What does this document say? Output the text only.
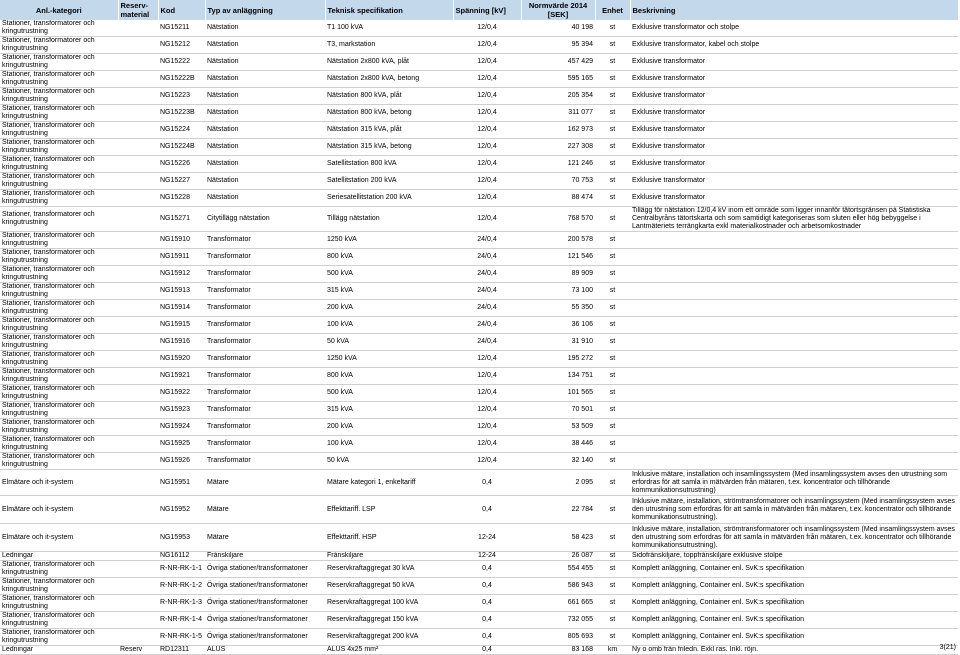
Anl.-kategori	Reserv-material	Kod	Typ av anläggning	Teknisk specifikation	Spänning [kV]	Normvärde 2014 [SEK]	Enhet	Beskrivning
Stationer, transformatorer och kringutrustning		NG15211	Nätstation	T1 100 kVA	12/0,4	40 198	st	Exklusive transformator och stolpe
Stationer, transformatorer och kringutrustning		NG15212	Nätstation	T3, markstation	12/0,4	95 394	st	Exklusive transformator, kabel och stolpe
Stationer, transformatorer och kringutrustning		NG15222	Nätstation	Nätstation 2x800 kVA, plåt	12/0,4	457 429	st	Exklusive transformator
Stationer, transformatorer och kringutrustning		NG15222B	Nätstation	Nätstation 2x800 kVA, betong	12/0,4	595 165	st	Exklusive transformator
Stationer, transformatorer och kringutrustning		NG15223	Nätstation	Nätstation 800 kVA, plåt	12/0,4	205 354	st	Exklusive transformator
Stationer, transformatorer och kringutrustning		NG15223B	Nätstation	Nätstation 800 kVA, betong	12/0,4	311 077	st	Exklusive transformator
Stationer, transformatorer och kringutrustning		NG15224	Nätstation	Nätstation 315 kVA, plåt	12/0,4	162 973	st	Exklusive transformator
Stationer, transformatorer och kringutrustning		NG15224B	Nätstation	Nätstation 315 kVA, betong	12/0,4	227 308	st	Exklusive transformator
Stationer, transformatorer och kringutrustning		NG15226	Nätstation	Satellitstation 800 kVA	12/0,4	121 246	st	Exklusive transformator
Stationer, transformatorer och kringutrustning		NG15227	Nätstation	Satellitstation 200 kVA	12/0,4	70 753	st	Exklusive transformator
Stationer, transformatorer och kringutrustning		NG15228	Nätstation	Seriesatellitstation 200 kVA	12/0,4	88 474	st	Exklusive transformator
Stationer, transformatorer och kringutrustning		NG15271	Citytillägg nätstation	Tillägg nätstation	12/0,4	768 570	st	Tillägg för nätstation 12/0,4 kV inom ett område som ligger innanför tätortsgränsen på Statistiska Centralbyråns tätortskarta och som samtidigt kategoriseras som sluten eller hög bebyggelse i Lantmäteriets terrängkarta exkl materialkostnader och arbetsomkostnader
Stationer, transformatorer och kringutrustning		NG15910	Transformator	1250 kVA	24/0,4	200 578	st	
Stationer, transformatorer och kringutrustning		NG15911	Transformator	800 kVA	24/0,4	121 546	st	
Stationer, transformatorer och kringutrustning		NG15912	Transformator	500 kVA	24/0,4	89 909	st	
Stationer, transformatorer och kringutrustning		NG15913	Transformator	315 kVA	24/0,4	73 100	st	
Stationer, transformatorer och kringutrustning		NG15914	Transformator	200 kVA	24/0,4	55 350	st	
Stationer, transformatorer och kringutrustning		NG15915	Transformator	100 kVA	24/0,4	36 106	st	
Stationer, transformatorer och kringutrustning		NG15916	Transformator	50 kVA	24/0,4	31 910	st	
Stationer, transformatorer och kringutrustning		NG15920	Transformator	1250 kVA	12/0,4	195 272	st	
Stationer, transformatorer och kringutrustning		NG15921	Transformator	800 kVA	12/0,4	134 751	st	
Stationer, transformatorer och kringutrustning		NG15922	Transformator	500 kVA	12/0,4	101 565	st	
Stationer, transformatorer och kringutrustning		NG15923	Transformator	315 kVA	12/0,4	70 501	st	
Stationer, transformatorer och kringutrustning		NG15924	Transformator	200 kVA	12/0,4	53 509	st	
Stationer, transformatorer och kringutrustning		NG15925	Transformator	100 kVA	12/0,4	38 446	st	
Stationer, transformatorer och kringutrustning		NG15926	Transformator	50 kVA	12/0,4	32 140	st	
Elmätare och it-system		NG15951	Mätare	Mätare kategori 1, enkeltariff	0,4	2 095	st	Inklusive mätare, installation och insamlingssystem (Med insamlingssystem avses den utrustning som erfordras för att samla in mätvärden från mätaren, t.ex. koncentrator och tillhörande kommunikationsutrustning)
Elmätare och it-system		NG15952	Mätare	Effekttariff. LSP	0,4	22 784	st	Inklusive mätare, installation, strömtransformatorer och insamlingssystem (Med insamlingssystem avses den utrustning som erfordras för att samla in mätvärden från mätaren, t.ex. koncentrator och tillhörande kommunikationsutrustning).
Elmätare och it-system		NG15953	Mätare	Effekttariff. HSP	12-24	58 423	st	Inklusive mätare, installation, strömtransformatorer och insamlingssystem (Med insamlingssystem avses den utrustning som erfordras för att samla in mätvärden från mätaren, t.ex. koncentrator och tillhörande kommunikationsutrustning).
Ledningar		NG16112	Frånskiljare	Frånskiljare	12-24	26 087	st	Sidofrånskiljare, toppfrånskiljare exklusive stolpe
Stationer, transformatorer och kringutrustning		R-NR-RK-1-1	Övriga stationer/transformatoner	Reservkraftaggregat 30 kVA	0,4	554 455	st	Komplett anläggning, Container enl. SvK:s specifikation
Stationer, transformatorer och kringutrustning		R-NR-RK-1-2	Övriga stationer/transformatoner	Reservkraftaggregat 50 kVA	0,4	586 943	st	Komplett anläggning, Container enl. SvK:s specifikation
Stationer, transformatorer och kringutrustning		R-NR-RK-1-3	Övriga stationer/transformatoner	Reservkraftaggregat 100 kVA	0,4	661 665	st	Komplett anläggning, Container enl. SvK:s specifikation
Stationer, transformatorer och kringutrustning		R-NR-RK-1-4	Övriga stationer/transformatoner	Reservkraftaggregat 150 kVA	0,4	732 055	st	Komplett anläggning, Container enl. SvK:s specifikation
Stationer, transformatorer och kringutrustning		R-NR-RK-1-5	Övriga stationer/transformatoner	Reservkraftaggregat 200 kVA	0,4	805 693	st	Komplett anläggning, Container enl. SvK:s specifikation
Ledningar	Reserv	RD12311	ALUS	ALUS 4x25 mm²	0,4	83 168	km	Ny o omb från friledn. Exkl ras. Inkl. röjn.	3(21)
